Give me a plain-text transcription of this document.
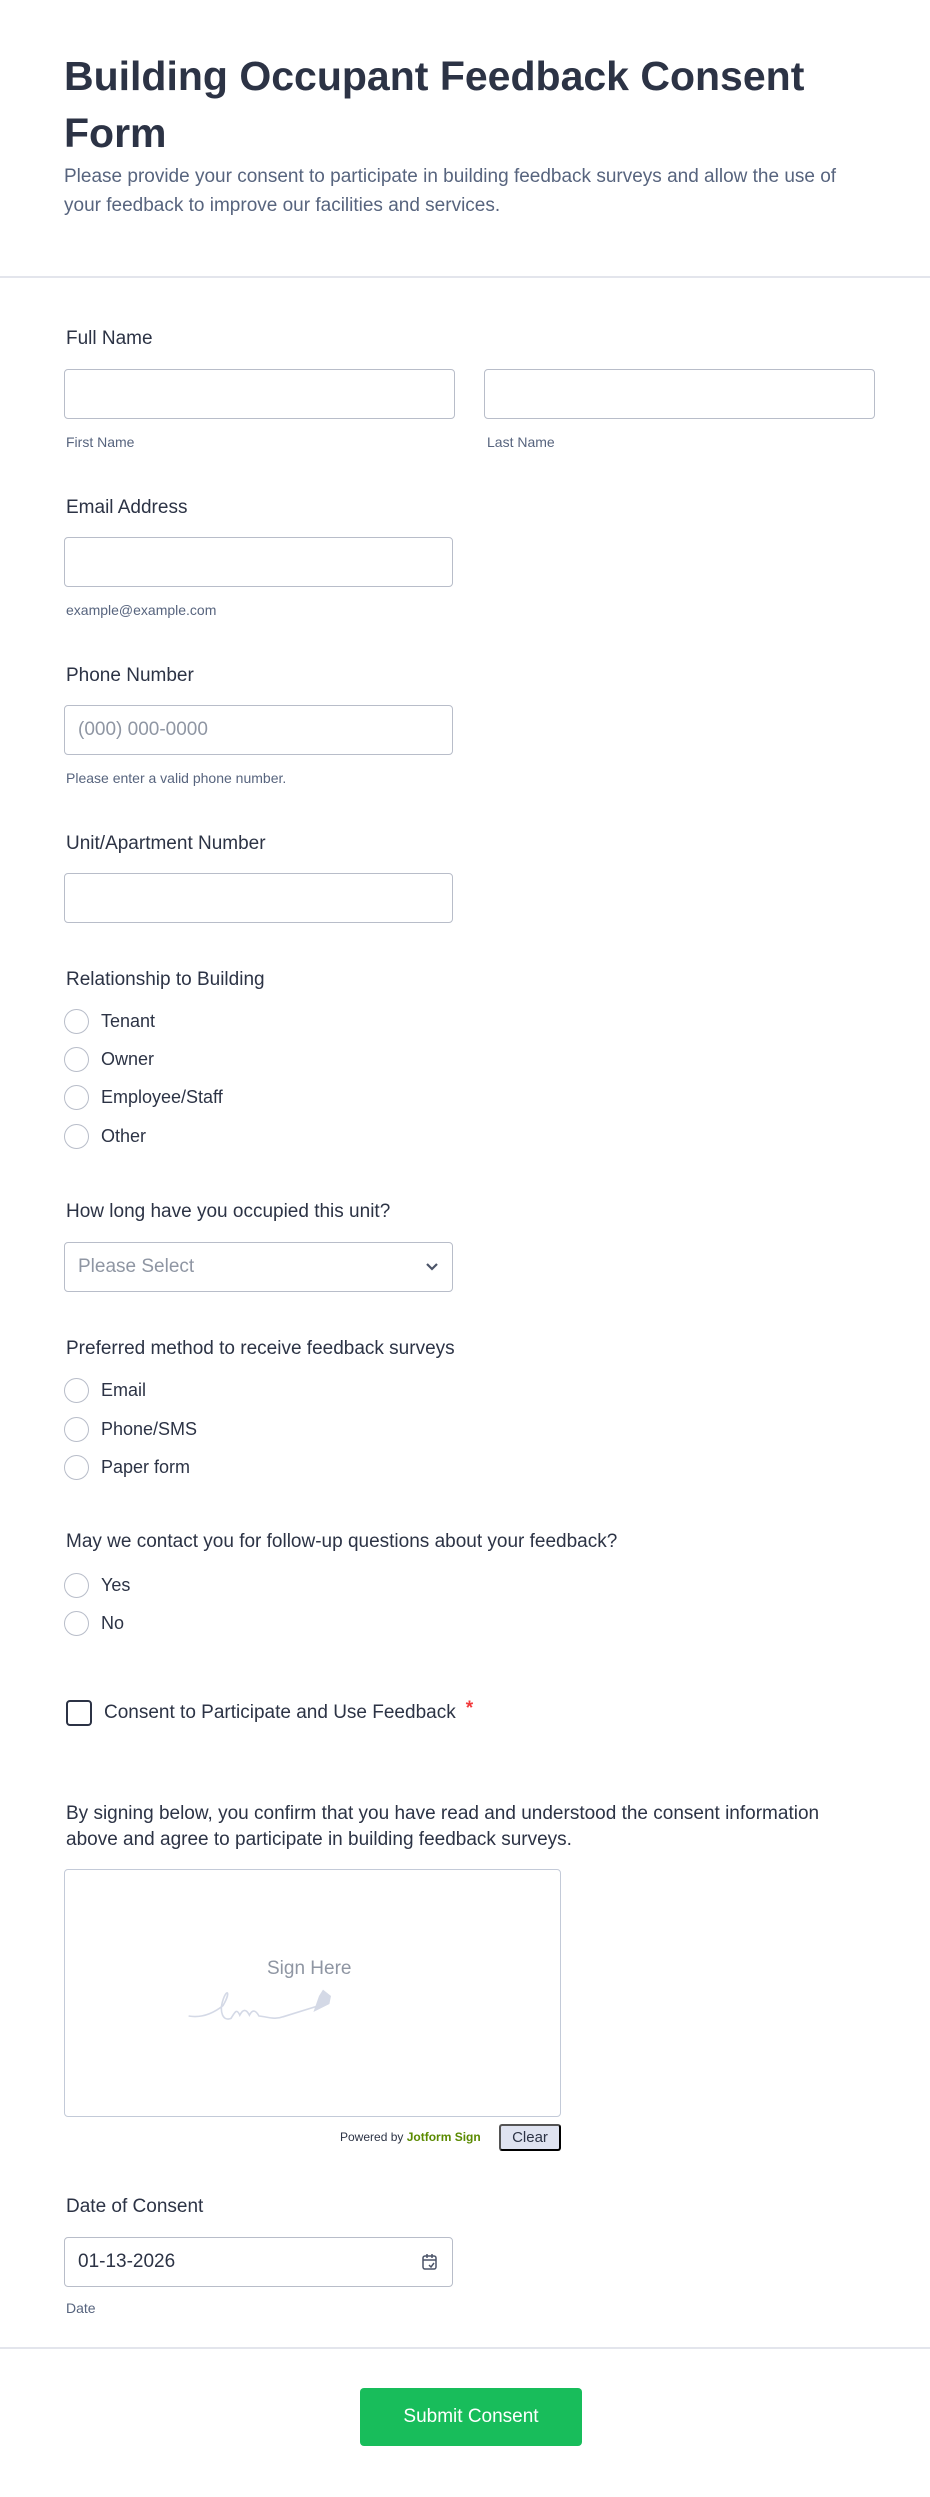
Building Occupant Feedback Consent Form

Please provide your consent to participate in building feedback surveys and allow the use of your feedback to improve our facilities and services.

Full Name
First Name	Last Name
Email Address
example@example.com
Phone Number
(000) 000-0000
Please enter a valid phone number.
Unit/Apartment Number
Relationship to Building
Tenant
Owner
Employee/Staff
Other
How long have you occupied this unit?
Please Select
Preferred method to receive feedback surveys
Email
Phone/SMS
Paper form
May we contact you for follow-up questions about your feedback?
Yes
No
Consent to Participate and Use Feedback *
By signing below, you confirm that you have read and understood the consent information above and agree to participate in building feedback surveys.
Sign Here
Powered by Jotform Sign	Clear
Date of Consent
01-13-2026
Date
Submit Consent
